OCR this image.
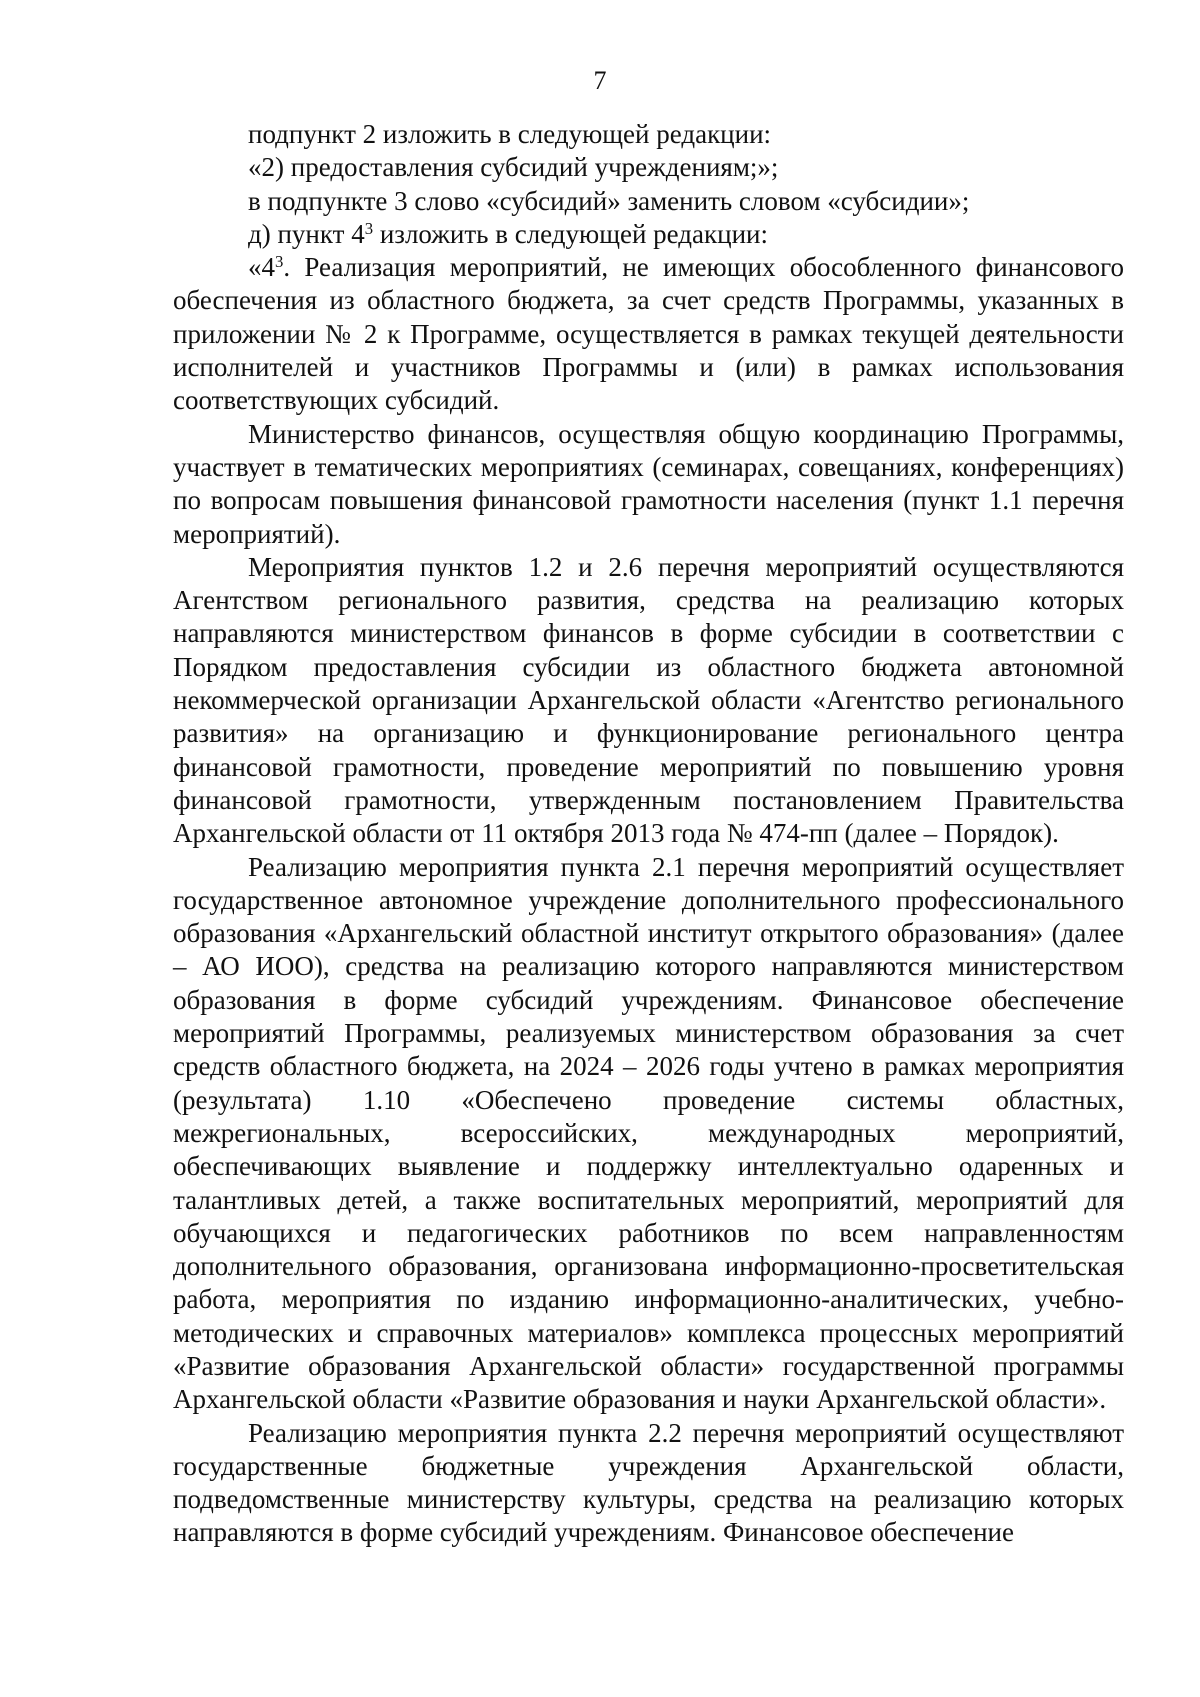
7

подпункт 2 изложить в следующей редакции:

«2) предоставления субсидий учреждениям;»;

в подпункте 3 слово «субсидий» заменить словом «субсидии»;

д) пункт $4^3$ изложить в следующей редакции:

«$4^3$. Реализация мероприятий, не имеющих обособленного финансового обеспечения из областного бюджета, за счет средств Программы, указанных в приложении № 2 к Программе, осуществляется в рамках текущей деятельности исполнителей и участников Программы и (или) в рамках использования соответствующих субсидий.

Министерство финансов, осуществляя общую координацию Программы, участвует в тематических мероприятиях (семинарах, совещаниях, конференциях) по вопросам повышения финансовой грамотности населения (пункт 1.1 перечня мероприятий).

Мероприятия пунктов 1.2 и 2.6 перечня мероприятий осуществляются Агентством регионального развития, средства на реализацию которых направляются министерством финансов в форме субсидии в соответствии с Порядком предоставления субсидии из областного бюджета автономной некоммерческой организации Архангельской области «Агентство регионального развития» на организацию и функционирование регионального центра финансовой грамотности, проведение мероприятий по повышению уровня финансовой грамотности, утвержденным постановлением Правительства Архангельской области от 11 октября 2013 года № 474-пп (далее – Порядок).

Реализацию мероприятия пункта 2.1 перечня мероприятий осуществляет государственное автономное учреждение дополнительного профессионального образования «Архангельский областной институт открытого образования» (далее – АО ИОО), средства на реализацию которого направляются министерством образования в форме субсидий учреждениям. Финансовое обеспечение мероприятий Программы, реализуемых министерством образования за счет средств областного бюджета, на 2024 – 2026 годы учтено в рамках мероприятия (результата) 1.10 «Обеспечено проведение системы областных, межрегиональных, всероссийских, международных мероприятий, обеспечивающих выявление и поддержку интеллектуально одаренных и талантливых детей, а также воспитательных мероприятий, мероприятий для обучающихся и педагогических работников по всем направленностям дополнительного образования, организована информационно-просветительская работа, мероприятия по изданию информационно-аналитических, учебно-методических и справочных материалов» комплекса процессных мероприятий «Развитие образования Архангельской области» государственной программы Архангельской области «Развитие образования и науки Архангельской области».

Реализацию мероприятия пункта 2.2 перечня мероприятий осуществляют государственные бюджетные учреждения Архангельской области, подведомственные министерству культуры, средства на реализацию которых направляются в форме субсидий учреждениям. Финансовое обеспечение
